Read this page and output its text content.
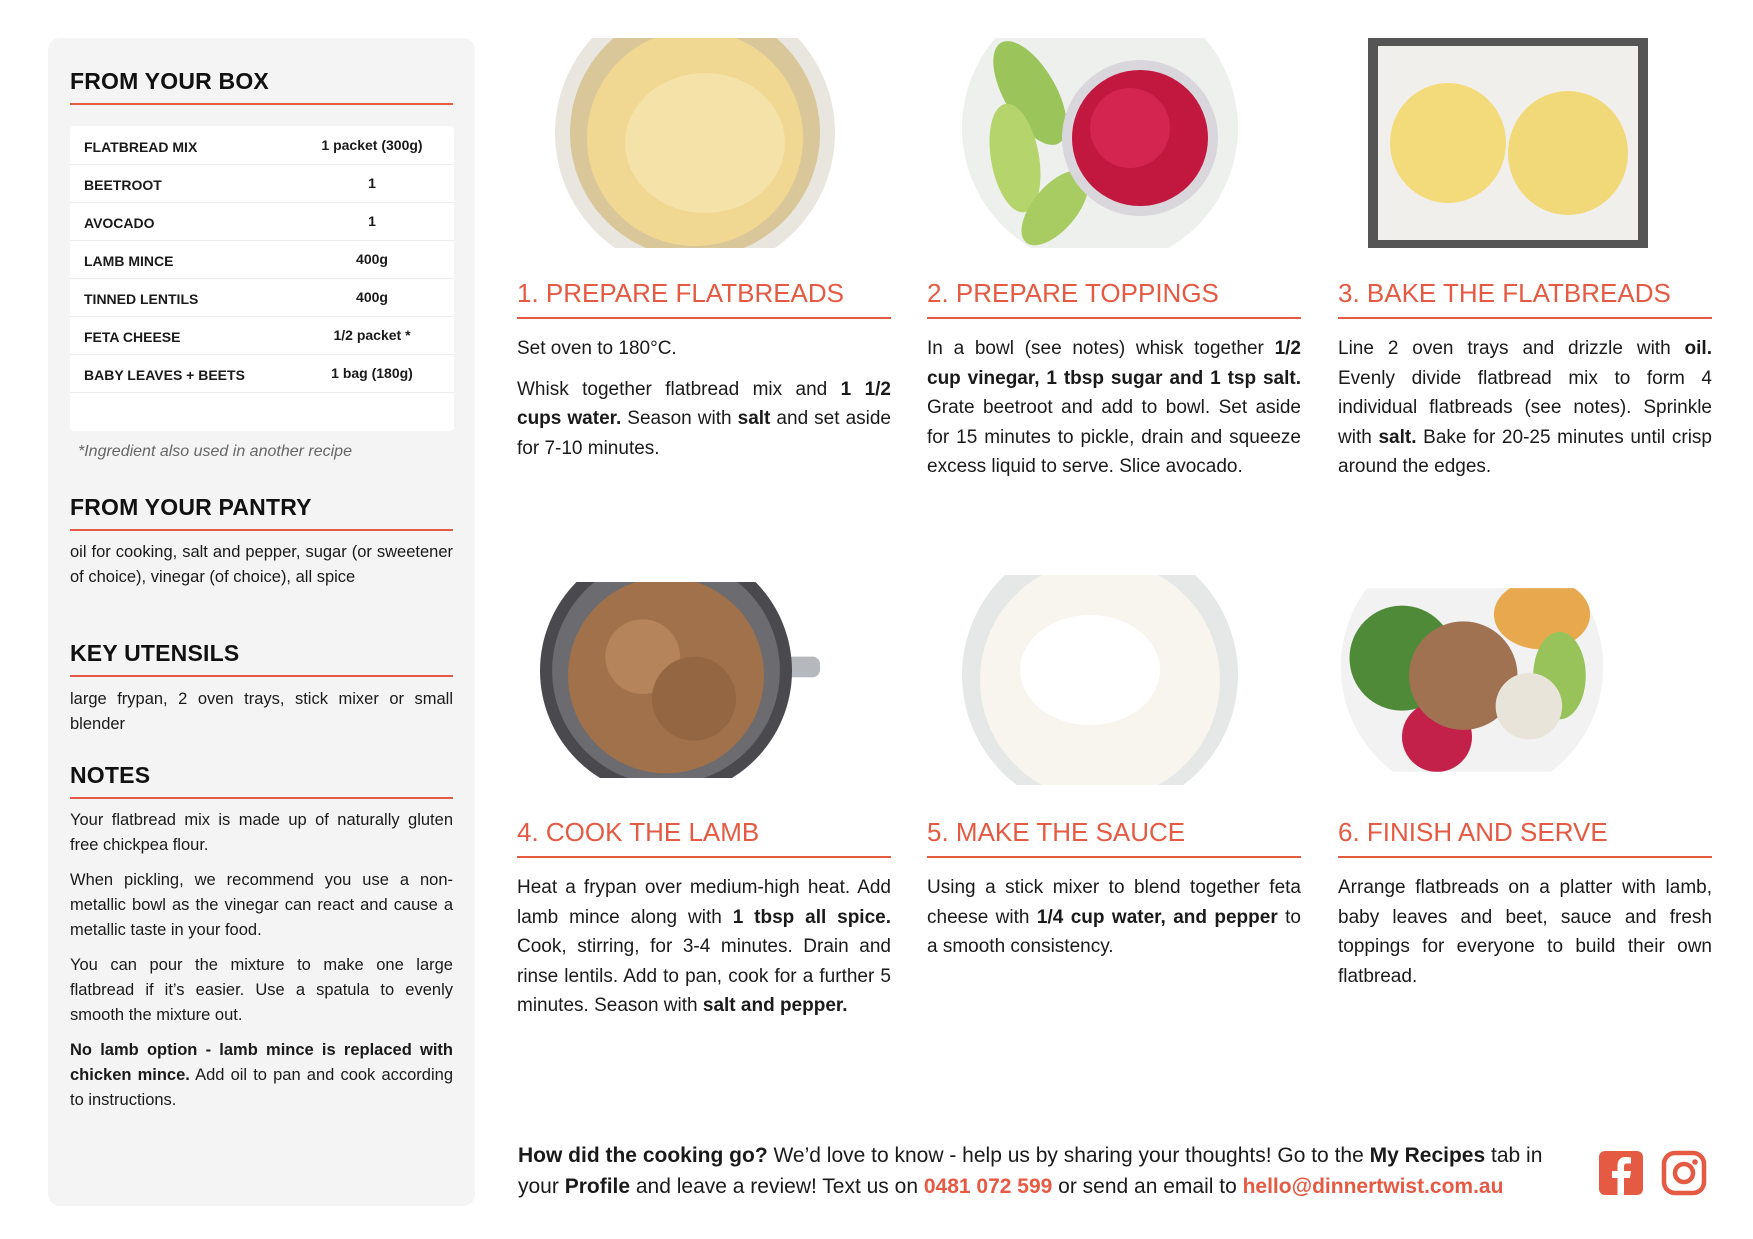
FROM YOUR BOX
FLATBREAD MIX	1 packet (300g)
BEETROOT	1
AVOCADO	1
LAMB MINCE	400g
TINNED LENTILS	400g
FETA CHEESE	1/2 packet *
BABY LEAVES + BEETS	1 bag (180g)
*Ingredient also used in another recipe
FROM YOUR PANTRY
oil for cooking, salt and pepper, sugar (or sweetener of choice), vinegar (of choice), all spice
KEY UTENSILS
large frypan, 2 oven trays, stick mixer or small blender
NOTES

Your flatbread mix is made up of naturally gluten free chickpea flour.

When pickling, we recommend you use a non-metallic bowl as the vinegar can react and cause a metallic taste in your food.

You can pour the mixture to make one large flatbread if it’s easier. Use a spatula to evenly smooth the mixture out.

No lamb option - lamb mince is replaced with chicken mince. Add oil to pan and cook according to instructions.

1. PREPARE FLATBREADS

Set oven to 180°C.

Whisk together flatbread mix and 1 1/2 cups water. Season with salt and set aside for 7-10 minutes.

2. PREPARE TOPPINGS

In a bowl (see notes) whisk together 1/2 cup vinegar, 1 tbsp sugar and 1 tsp salt. Grate beetroot and add to bowl. Set aside for 15 minutes to pickle, drain and squeeze excess liquid to serve. Slice avocado.

3. BAKE THE FLATBREADS

Line 2 oven trays and drizzle with oil. Evenly divide flatbread mix to form 4 individual flatbreads (see notes). Sprinkle with salt. Bake for 20-25 minutes until crisp around the edges.

4. COOK THE LAMB

Heat a frypan over medium-high heat. Add lamb mince along with 1 tbsp all spice. Cook, stirring, for 3-4 minutes. Drain and rinse lentils. Add to pan, cook for a further 5 minutes. Season with salt and pepper.

5. MAKE THE SAUCE

Using a stick mixer to blend together feta cheese with 1/4 cup water, and pepper to a smooth consistency.

6. FINISH AND SERVE

Arrange flatbreads on a platter with lamb, baby leaves and beet, sauce and fresh toppings for everyone to build their own flatbread.

How did the cooking go? We’d love to know - help us by sharing your thoughts! Go to the My Recipes tab in your Profile and leave a review! Text us on 0481 072 599 or send an email to hello@dinnertwist.com.au
